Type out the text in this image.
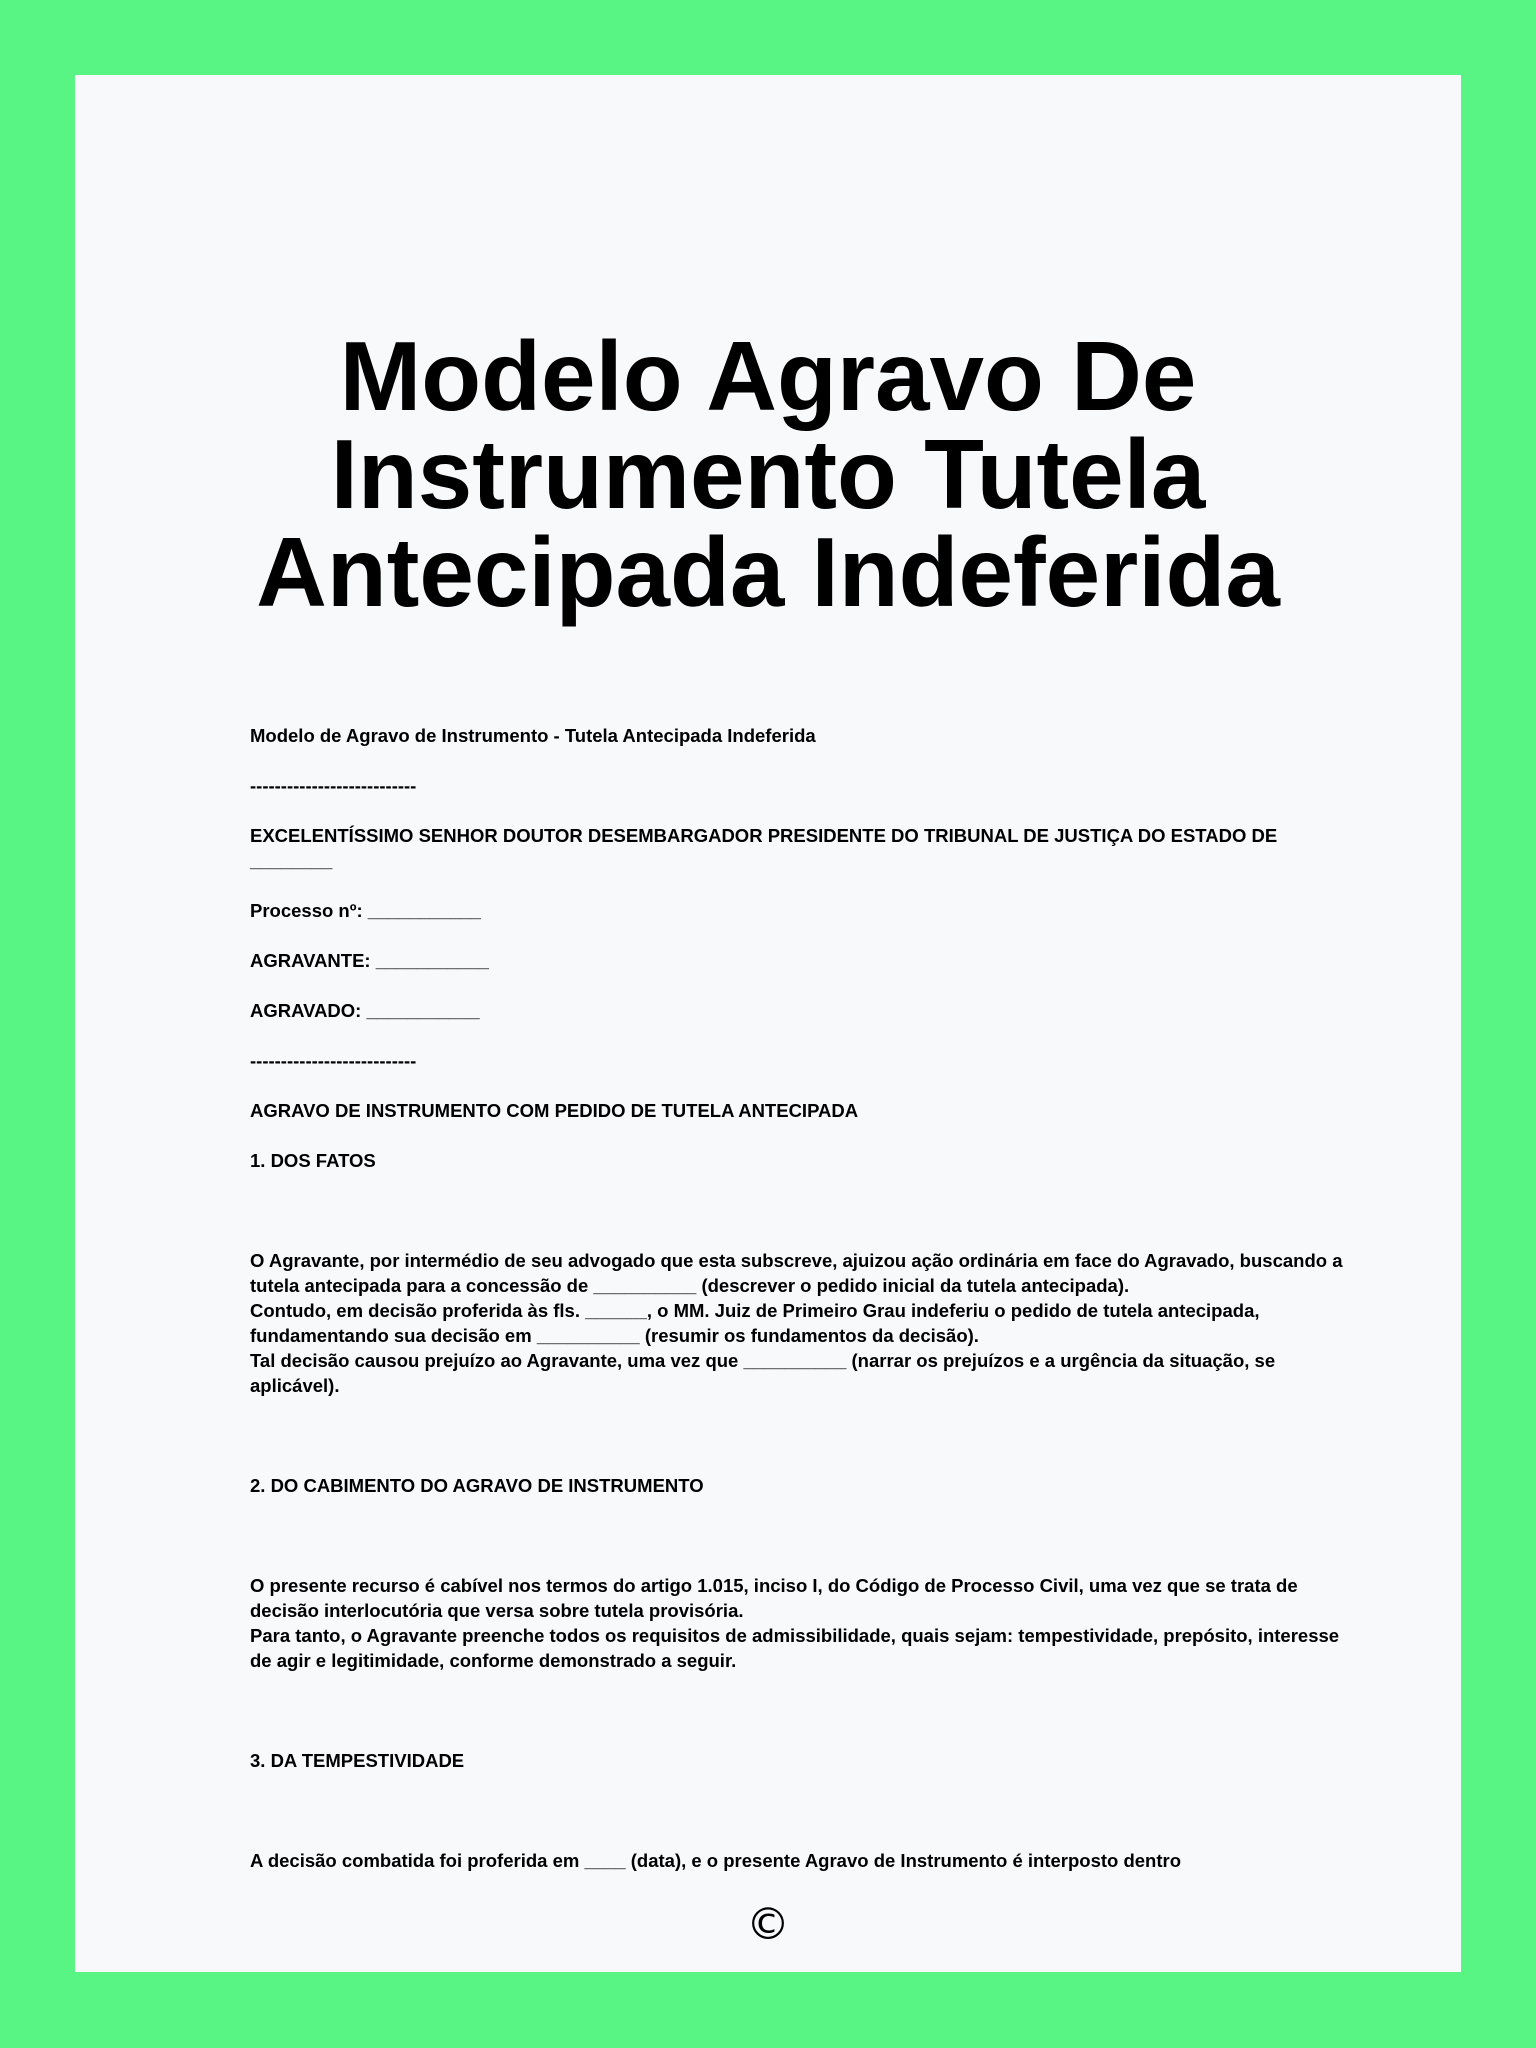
Modelo Agravo De Instrumento Tutela Antecipada Indeferida

Modelo de Agravo de Instrumento - Tutela Antecipada Indeferida

---------------------------

EXCELENTÍSSIMO SENHOR DOUTOR DESEMBARGADOR PRESIDENTE DO TRIBUNAL DE JUSTIÇA DO ESTADO DE ________

Processo nº: ___________

AGRAVANTE: ___________

AGRAVADO: ___________

---------------------------

AGRAVO DE INSTRUMENTO COM PEDIDO DE TUTELA ANTECIPADA

1. DOS FATOS

O Agravante, por intermédio de seu advogado que esta subscreve, ajuizou ação ordinária em face do Agravado, buscando a tutela antecipada para a concessão de __________ (descrever o pedido inicial da tutela antecipada).

Contudo, em decisão proferida às fls. ______, o MM. Juiz de Primeiro Grau indeferiu o pedido de tutela antecipada, fundamentando sua decisão em __________ (resumir os fundamentos da decisão).

Tal decisão causou prejuízo ao Agravante, uma vez que __________ (narrar os prejuízos e a urgência da situação, se aplicável).

2. DO CABIMENTO DO AGRAVO DE INSTRUMENTO

O presente recurso é cabível nos termos do artigo 1.015, inciso I, do Código de Processo Civil, uma vez que se trata de decisão interlocutória que versa sobre tutela provisória.

Para tanto, o Agravante preenche todos os requisitos de admissibilidade, quais sejam: tempestividade, prepósito, interesse de agir e legitimidade, conforme demonstrado a seguir.

3. DA TEMPESTIVIDADE

A decisão combatida foi proferida em ____ (data), e o presente Agravo de Instrumento é interposto dentro

©
